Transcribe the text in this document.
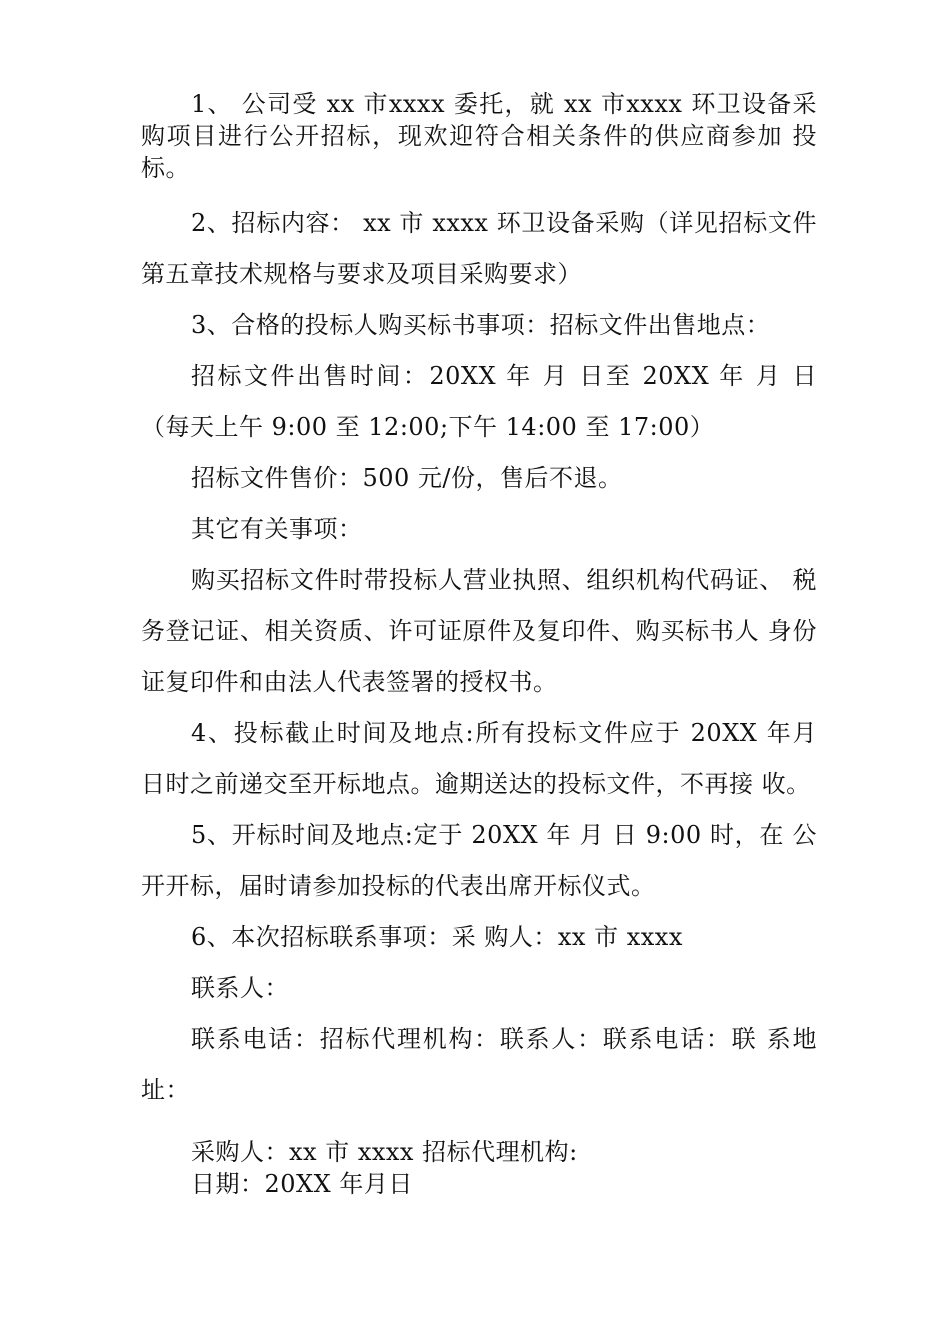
1、 公司受 xx 市xxxx 委托，就 xx 市xxxx 环卫设备采购项目进行公开招标，现欢迎符合相关条件的供应商参加 投标。

2、招标内容： xx 市 xxxx 环卫设备采购（详见招标文件 第五章技术规格与要求及项目采购要求）

3、合格的投标人购买标书事项：招标文件出售地点：

招标文件出售时间：20XX 年 月 日至 20XX 年 月 日（每天上午 9:00 至 12:00;下午 14:00 至 17:00）

招标文件售价：500 元/份，售后不退。

其它有关事项：

购买招标文件时带投标人营业执照、组织机构代码证、 税务登记证、相关资质、许可证原件及复印件、购买标书人 身份证复印件和由法人代表签署的授权书。

4、投标截止时间及地点:所有投标文件应于 20XX 年月 日时之前递交至开标地点。逾期送达的投标文件，不再接 收。

5、开标时间及地点:定于 20XX 年 月 日 9:00 时，在 公开开标，届时请参加投标的代表出席开标仪式。

6、本次招标联系事项：采 购人：xx 市 xxxx

联系人：

联系电话：招标代理机构：联系人：联系电话：联 系地址：

采购人：xx 市 xxxx 招标代理机构:

日期：20XX 年月日
